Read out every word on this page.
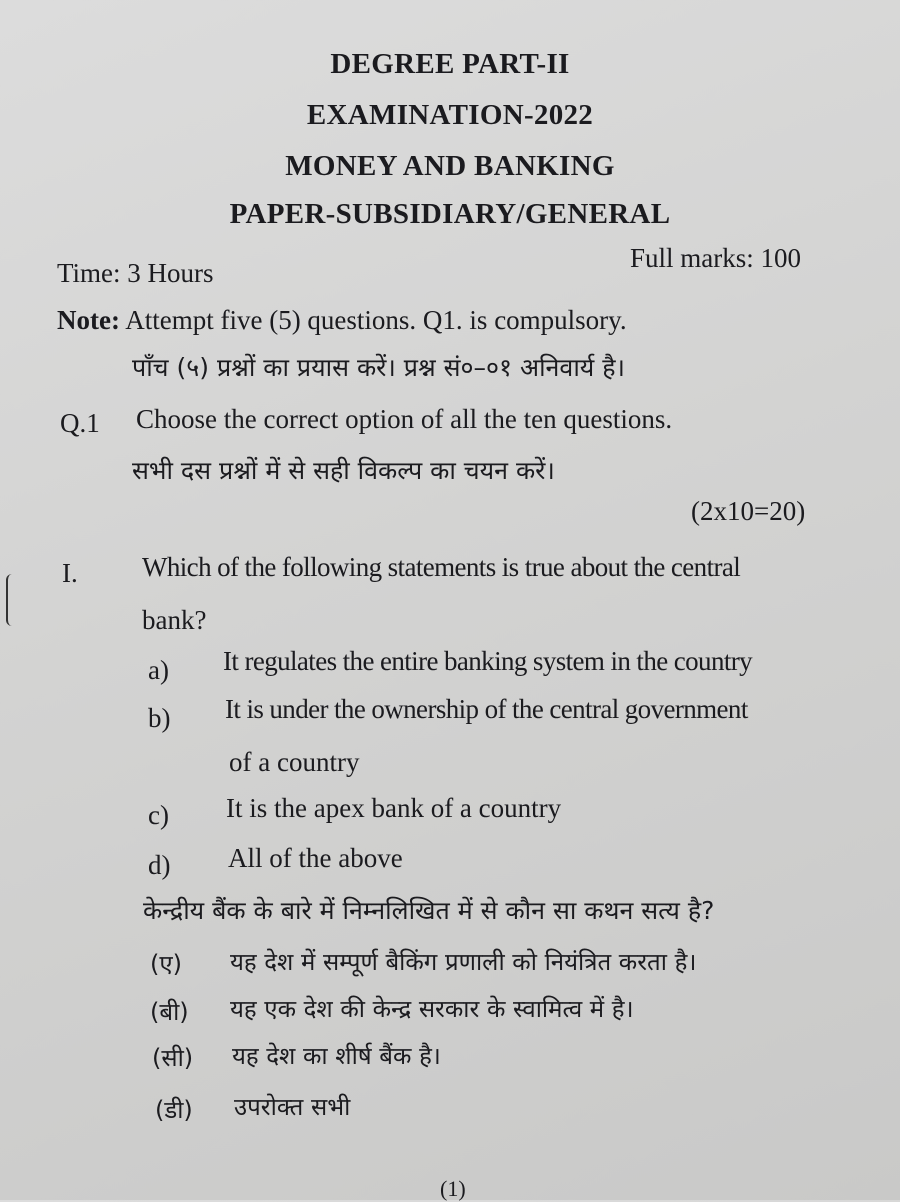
DEGREE PART-II
EXAMINATION-2022
MONEY AND BANKING
PAPER-SUBSIDIARY/GENERAL
Time: 3 Hours	Full marks: 100
Note: Attempt five (5) questions. Q1. is compulsory.
पाँच (५) प्रश्नों का प्रयास करें। प्रश्न सं०–०१ अनिवार्य है।
Q.1 Choose the correct option of all the ten questions.
सभी दस प्रश्नों में से सही विकल्प का चयन करें।
(2x10=20)
I. Which of the following statements is true about the central
bank?
a) It regulates the entire banking system in the country
b) It is under the ownership of the central government
of a country
c) It is the apex bank of a country
d) All of the above
केन्द्रीय बैंक के बारे में निम्नलिखित में से कौन सा कथन सत्य है?
(ए) यह देश में सम्पूर्ण बैकिंग प्रणाली को नियंत्रित करता है।
(बी) यह एक देश की केन्द्र सरकार के स्वामित्व में है।
(सी) यह देश का शीर्ष बैंक है।
(डी) उपरोक्त सभी
(1)
